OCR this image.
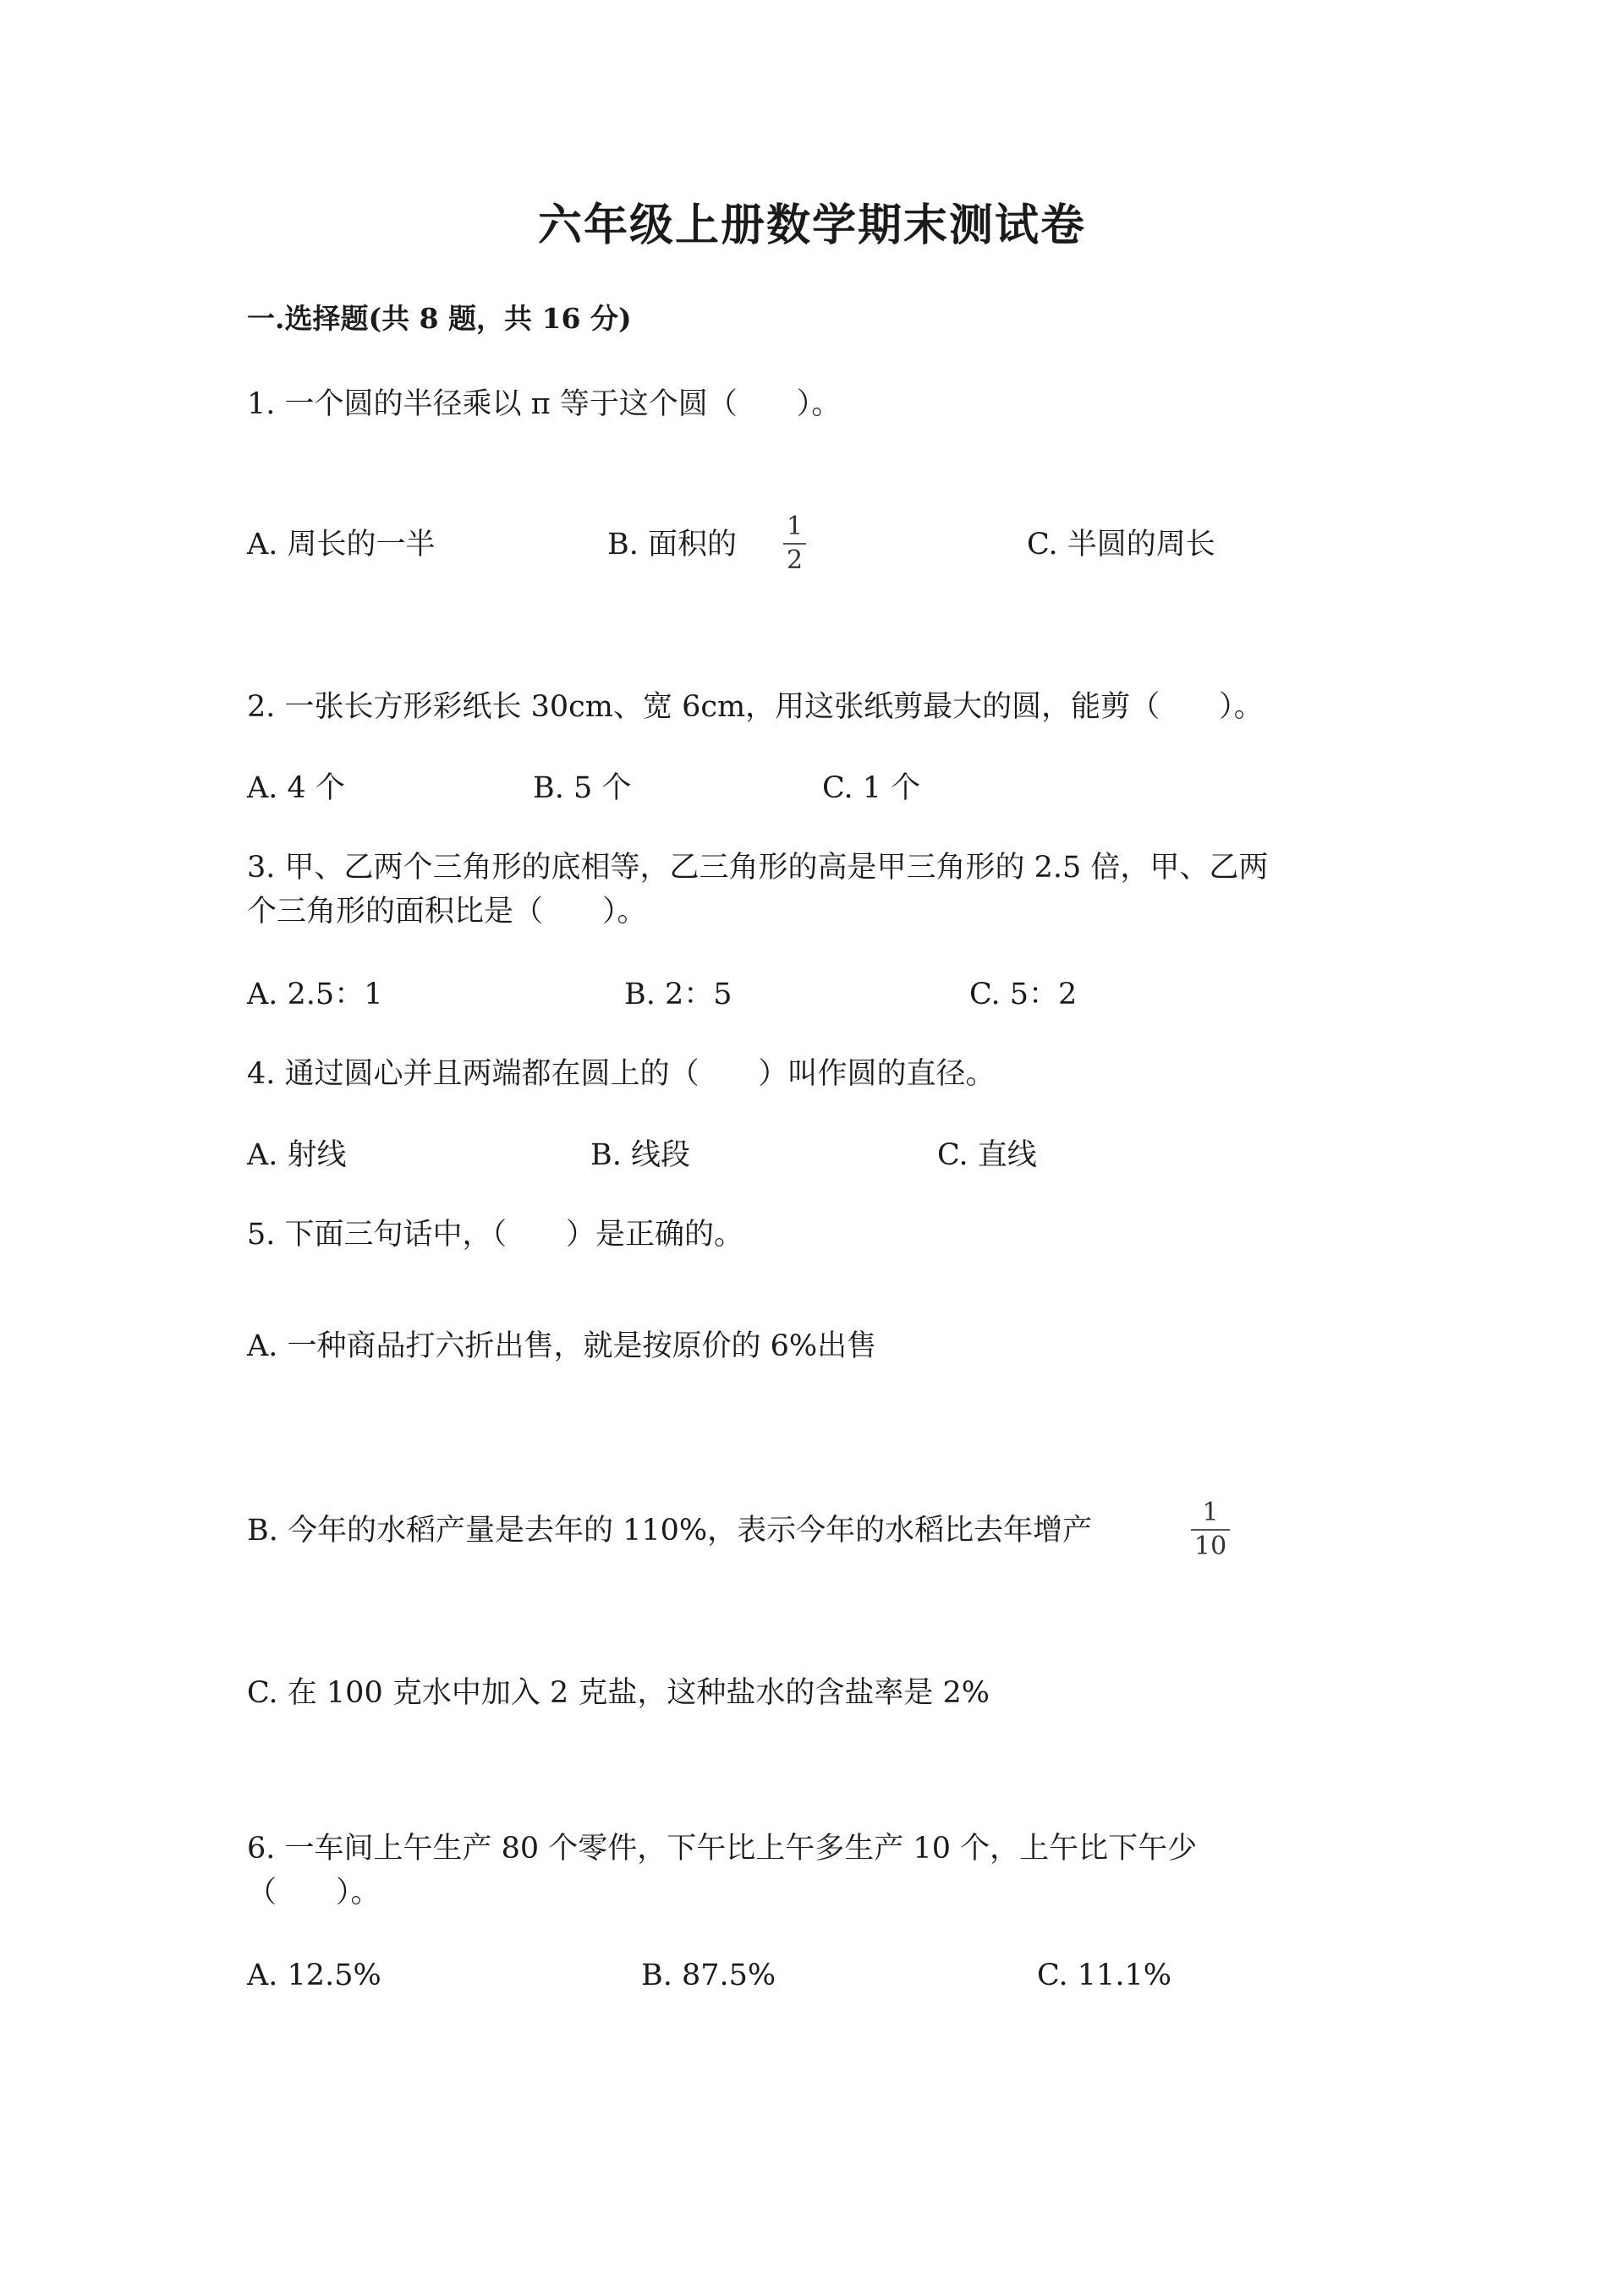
六年级上册数学期末测试卷
一.选择题(共 8 题，共 16 分)
1. 一个圆的半径乘以 π 等于这个圆（　　）。
A. 周长的一半	B. 面积的
1
2	C. 半圆的周长
2. 一张长方形彩纸长 30cm、宽 6cm，用这张纸剪最大的圆，能剪（　　）。
A. 4 个	B. 5 个	C. 1 个
3. 甲、乙两个三角形的底相等，乙三角形的高是甲三角形的 2.5 倍，甲、乙两
个三角形的面积比是（　　）。
A. 2.5：1	B. 2：5	C. 5：2
4. 通过圆心并且两端都在圆上的（　　）叫作圆的直径。
A. 射线	B. 线段	C. 直线
5. 下面三句话中，（　　）是正确的。
A. 一种商品打六折出售，就是按原价的 6%出售
B. 今年的水稻产量是去年的 110%，表示今年的水稻比去年增产
1
10
C. 在 100 克水中加入 2 克盐，这种盐水的含盐率是 2%
6. 一车间上午生产 80 个零件，下午比上午多生产 10 个，上午比下午少
（　　）。
A. 12.5%	B. 87.5%	C. 11.1%
